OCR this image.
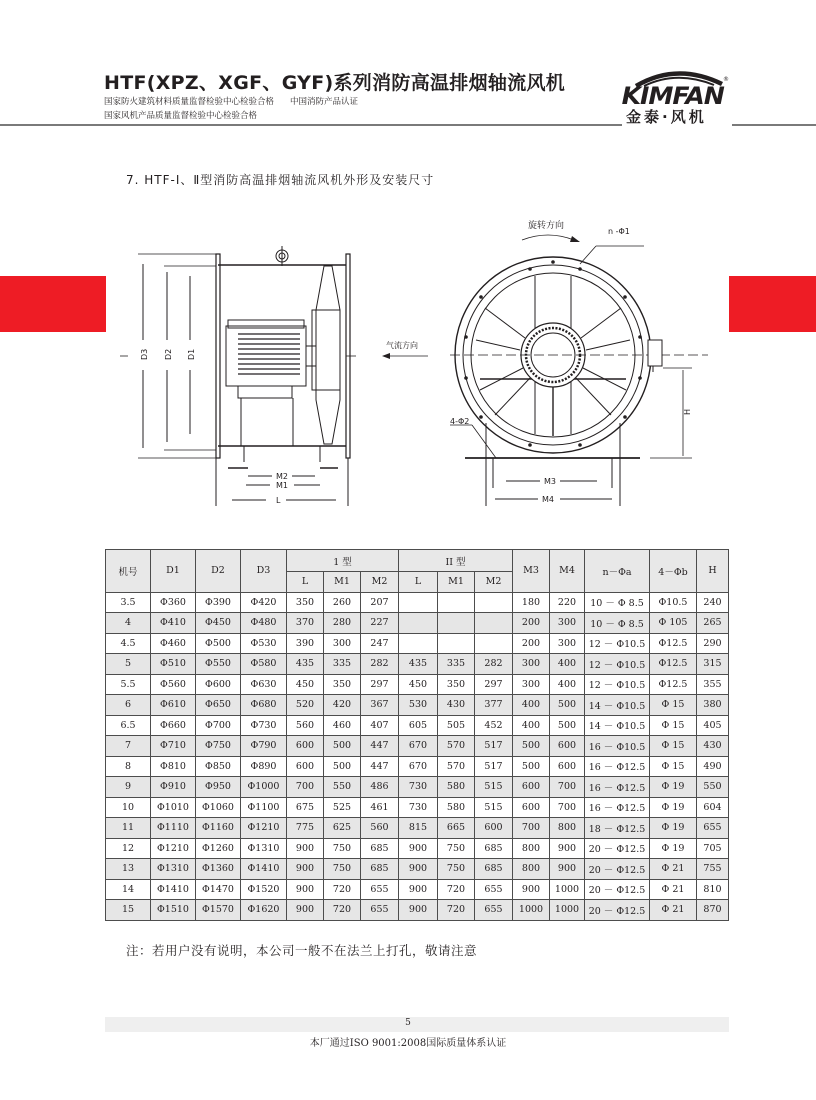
HTF(XPZ、XGF、GYF)系列消防高温排烟轴流风机
国家防火建筑材料质量监督检验中心检验合格 中国消防产品认证
国家风机产品质量监督检验中心检验合格
KIMFAN
®
金泰·风机
7. HTF-Ⅰ、Ⅱ型消防高温排烟轴流风机外形及安装尺寸
D3 D2 D1
M2
M1
L
旋转方向
n -Φ1
气流方向
4-Φ2
H
M3
M4
机号	D1	D2	D3	1 型			II 型			M3	M4	n－Φa	4－Φb	H
				L	M1	M2	L	M1	M2					
3.5	Φ360	Φ390	Φ420	350	260	207				180	220	10 － Φ 8.5	Φ10.5	240
4	Φ410	Φ450	Φ480	370	280	227				200	300	10 － Φ 8.5	Φ 105	265
4.5	Φ460	Φ500	Φ530	390	300	247				200	300	12 － Φ10.5	Φ12.5	290
5	Φ510	Φ550	Φ580	435	335	282	435	335	282	300	400	12 － Φ10.5	Φ12.5	315
5.5	Φ560	Φ600	Φ630	450	350	297	450	350	297	300	400	12 － Φ10.5	Φ12.5	355
6	Φ610	Φ650	Φ680	520	420	367	530	430	377	400	500	14 － Φ10.5	Φ 15	380
6.5	Φ660	Φ700	Φ730	560	460	407	605	505	452	400	500	14 － Φ10.5	Φ 15	405
7	Φ710	Φ750	Φ790	600	500	447	670	570	517	500	600	16 － Φ10.5	Φ 15	430
8	Φ810	Φ850	Φ890	600	500	447	670	570	517	500	600	16 － Φ12.5	Φ 15	490
9	Φ910	Φ950	Φ1000	700	550	486	730	580	515	600	700	16 － Φ12.5	Φ 19	550
10	Φ1010	Φ1060	Φ1100	675	525	461	730	580	515	600	700	16 － Φ12.5	Φ 19	604
11	Φ1110	Φ1160	Φ1210	775	625	560	815	665	600	700	800	18 － Φ12.5	Φ 19	655
12	Φ1210	Φ1260	Φ1310	900	750	685	900	750	685	800	900	20 － Φ12.5	Φ 19	705
13	Φ1310	Φ1360	Φ1410	900	750	685	900	750	685	800	900	20 － Φ12.5	Φ 21	755
14	Φ1410	Φ1470	Φ1520	900	720	655	900	720	655	900	1000	20 － Φ12.5	Φ 21	810
15	Φ1510	Φ1570	Φ1620	900	720	655	900	720	655	1000	1000	20 － Φ12.5	Φ 21	870
注：若用户没有说明，本公司一般不在法兰上打孔，敬请注意
5
本厂通过ISO 9001:2008国际质量体系认证
